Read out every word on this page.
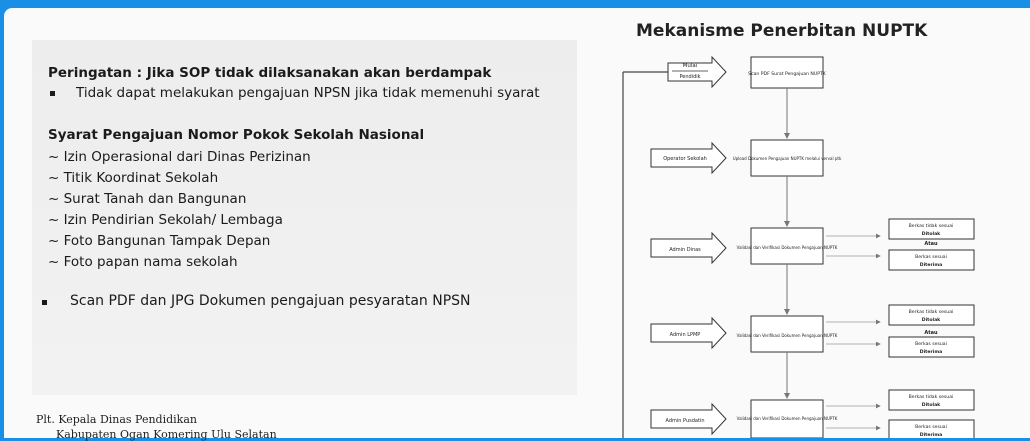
Peringatan : Jika SOP tidak dilaksanakan akan berdampak
Tidak dapat melakukan pengajuan NPSN jika tidak memenuhi syarat
Syarat Pengajuan Nomor Pokok Sekolah Nasional
~ Izin Operasional dari Dinas Perizinan
~ Titik Koordinat Sekolah
~ Surat Tanah dan Bangunan
~ Izin Pendirian Sekolah/ Lembaga
~ Foto Bangunan Tampak Depan
~ Foto papan nama sekolah
Scan PDF dan JPG Dokumen pengajuan pesyaratan NPSN
Plt. Kepala Dinas Pendidikan
Kabupaten Ogan Komering Ulu Selatan
Mekanisme Penerbitan NUPTK
Mulai
Pendidik	Scan PDF Surat Pengajuan NUPTK
Operator Sekolah	Upload Dokumen Pengajuan NUPTK melalui verval ptk
Admin Dinas	Validasi dan Verifikasi Dokumen Pengajuan NUPTK
Berkas tidak sesuai
Ditolak
Atau
Berkas sesuai
Diterima
Admin LPMP	Validasi dan Verifikasi Dokumen Pengajuan NUPTK
Berkas tidak sesuai
Ditolak
Atau
Berkas sesuai
Diterima
Admin Pusdatin	Validasi dan Verifikasi Dokumen Pengajuan NUPTK
Berkas tidak sesuai
Ditolak
Berkas sesuai
Diterima
